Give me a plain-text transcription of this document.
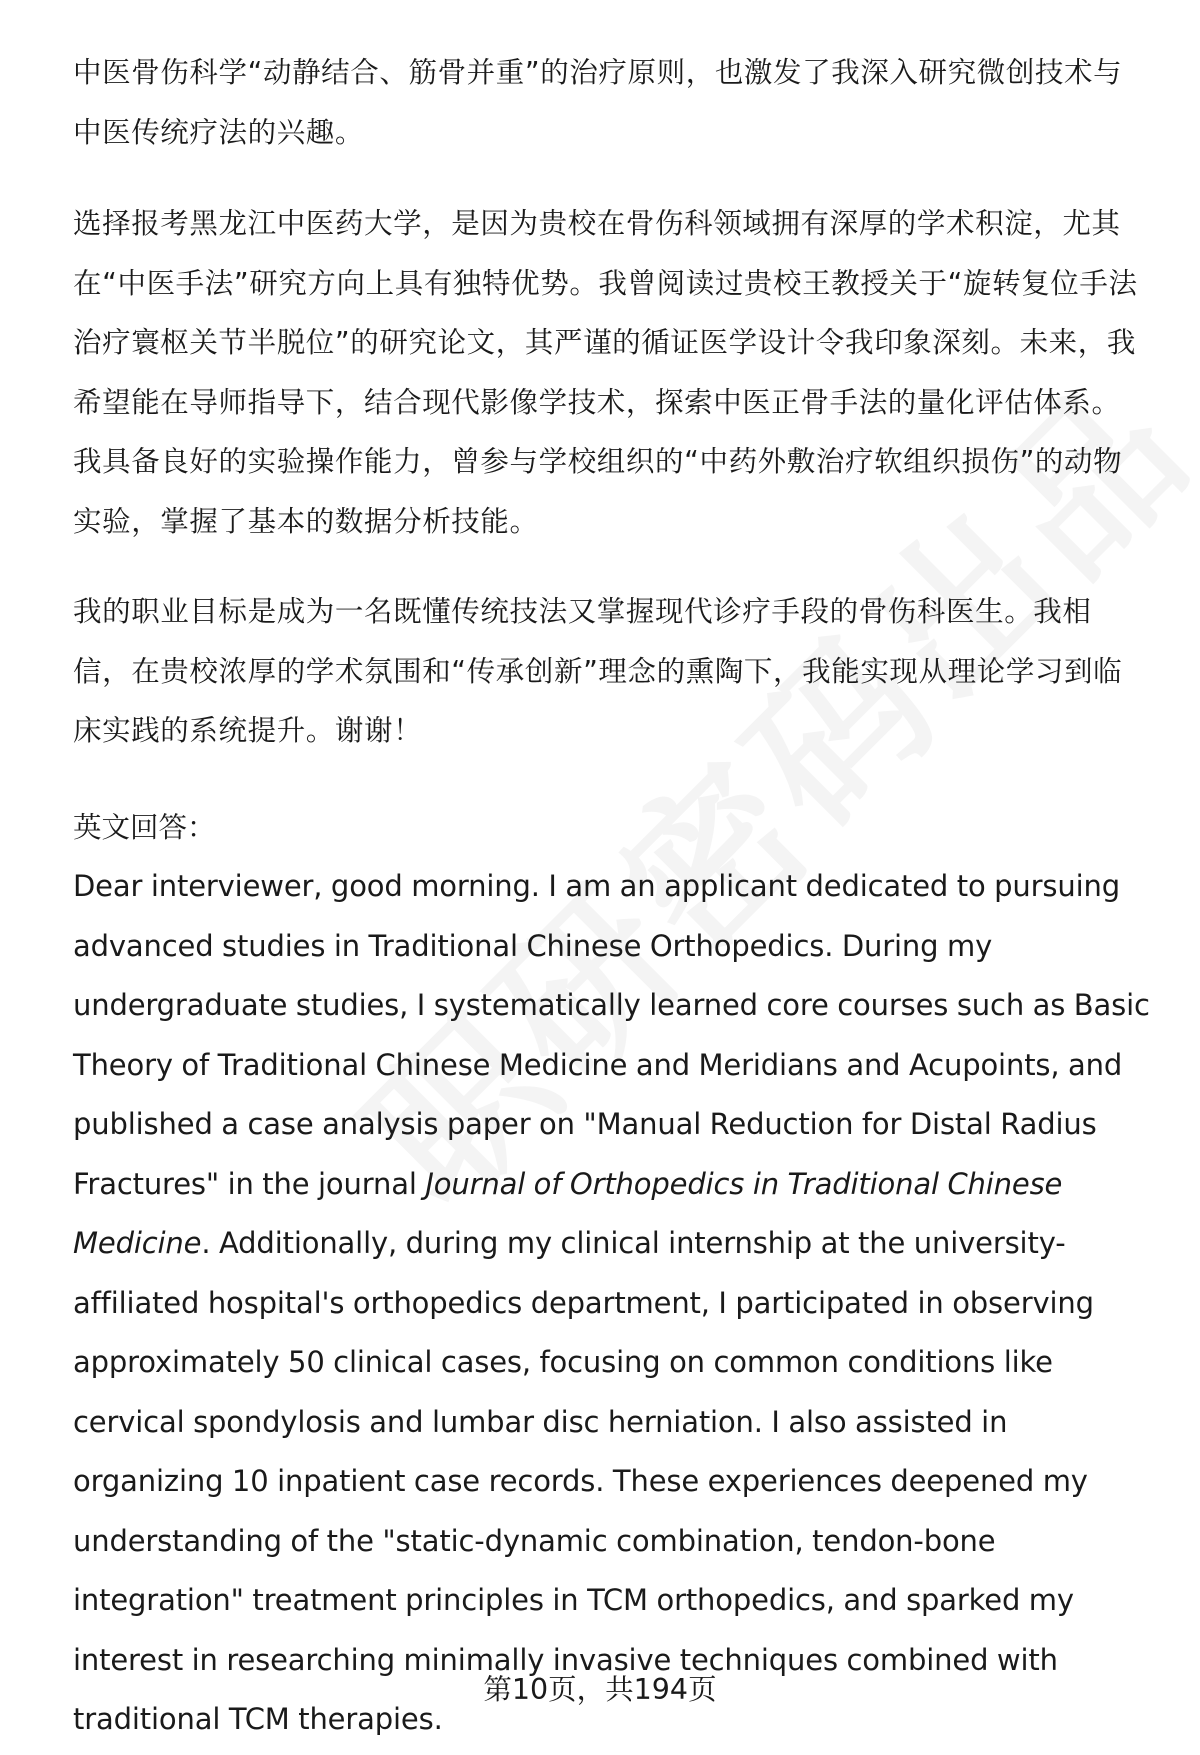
中医骨伤科学“动静结合、筋骨并重”的治疗原则，也激发了我深入研究微创技术与中医传统疗法的兴趣。

选择报考黑龙江中医药大学，是因为贵校在骨伤科领域拥有深厚的学术积淀，尤其在“中医手法”研究方向上具有独特优势。我曾阅读过贵校王教授关于“旋转复位手法治疗寰枢关节半脱位”的研究论文，其严谨的循证医学设计令我印象深刻。未来，我希望能在导师指导下，结合现代影像学技术，探索中医正骨手法的量化评估体系。我具备良好的实验操作能力，曾参与学校组织的“中药外敷治疗软组织损伤”的动物实验，掌握了基本的数据分析技能。

我的职业目标是成为一名既懂传统技法又掌握现代诊疗手段的骨伤科医生。我相信，在贵校浓厚的学术氛围和“传承创新”理念的熏陶下，我能实现从理论学习到临床实践的系统提升。谢谢！

英文回答：

Dear interviewer, good morning. I am an applicant dedicated to pursuing advanced studies in Traditional Chinese Orthopedics. During my undergraduate studies, I systematically learned core courses such as Basic Theory of Traditional Chinese Medicine and Meridians and Acupoints, and published a case analysis paper on "Manual Reduction for Distal Radius Fractures" in the journal Journal of Orthopedics in Traditional Chinese Medicine. Additionally, during my clinical internship at the university-affiliated hospital's orthopedics department, I participated in observing approximately 50 clinical cases, focusing on common conditions like cervical spondylosis and lumbar disc herniation. I also assisted in organizing 10 inpatient case records. These experiences deepened my understanding of the "static-dynamic combination, tendon-bone integration" treatment principles in TCM orthopedics, and sparked my interest in researching minimally invasive techniques combined with traditional TCM therapies.

第10页，共194页
